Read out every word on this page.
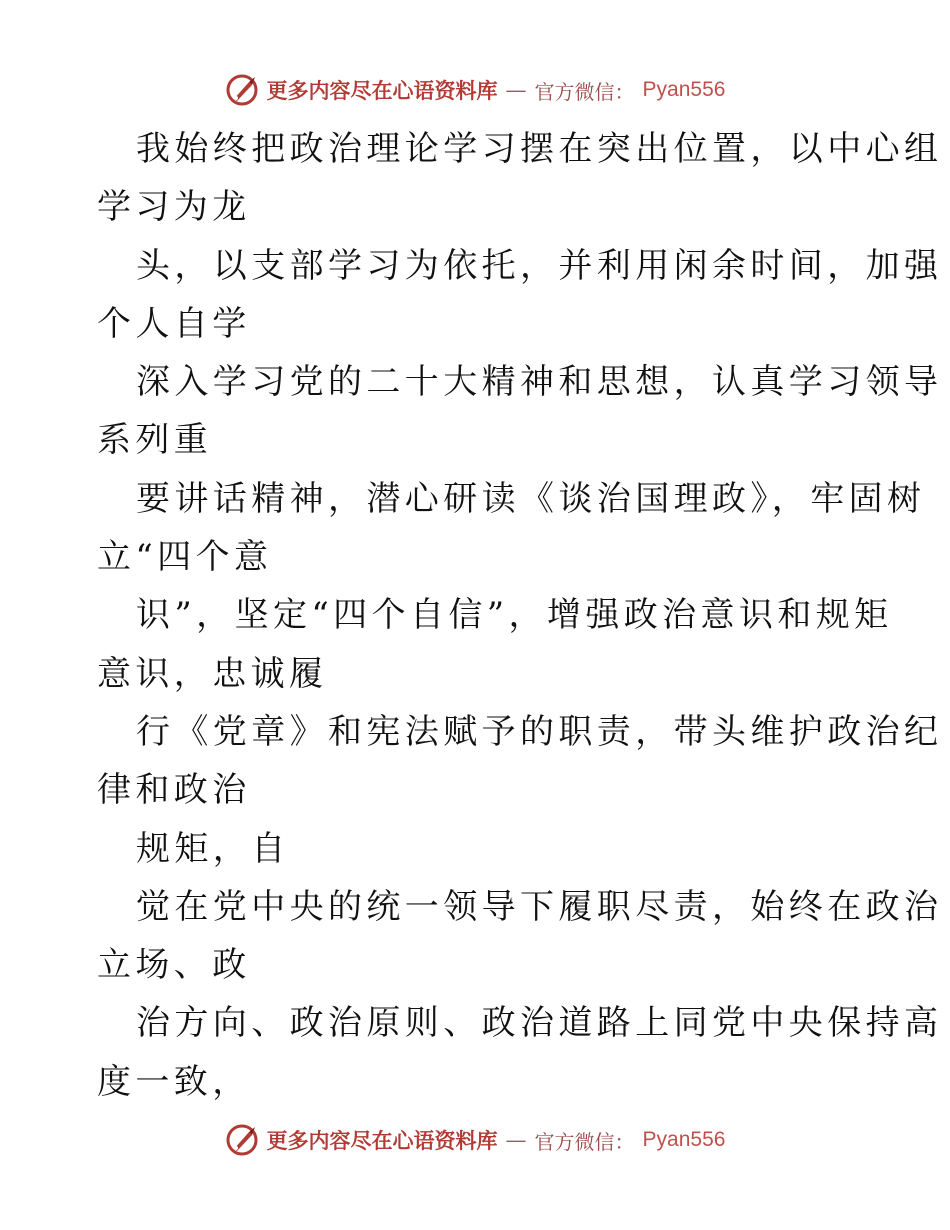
更多内容尽在心语资料库 — 官方微信： Pyan556
我始终把政治理论学习摆在突出位置，以中心组
学习为龙
头，以支部学习为依托，并利用闲余时间，加强
个人自学
深入学习党的二十大精神和思想，认真学习领导
系列重
要讲话精神，潜心研读《谈治国理政》，牢固树
立“四个意
识”，坚定“四个自信”，增强政治意识和规矩
意识，忠诚履
行《党章》和宪法赋予的职责，带头维护政治纪
律和政治
规矩，自
觉在党中央的统一领导下履职尽责，始终在政治
立场、政
治方向、政治原则、政治道路上同党中央保持高
度一致，
更多内容尽在心语资料库 — 官方微信： Pyan556
